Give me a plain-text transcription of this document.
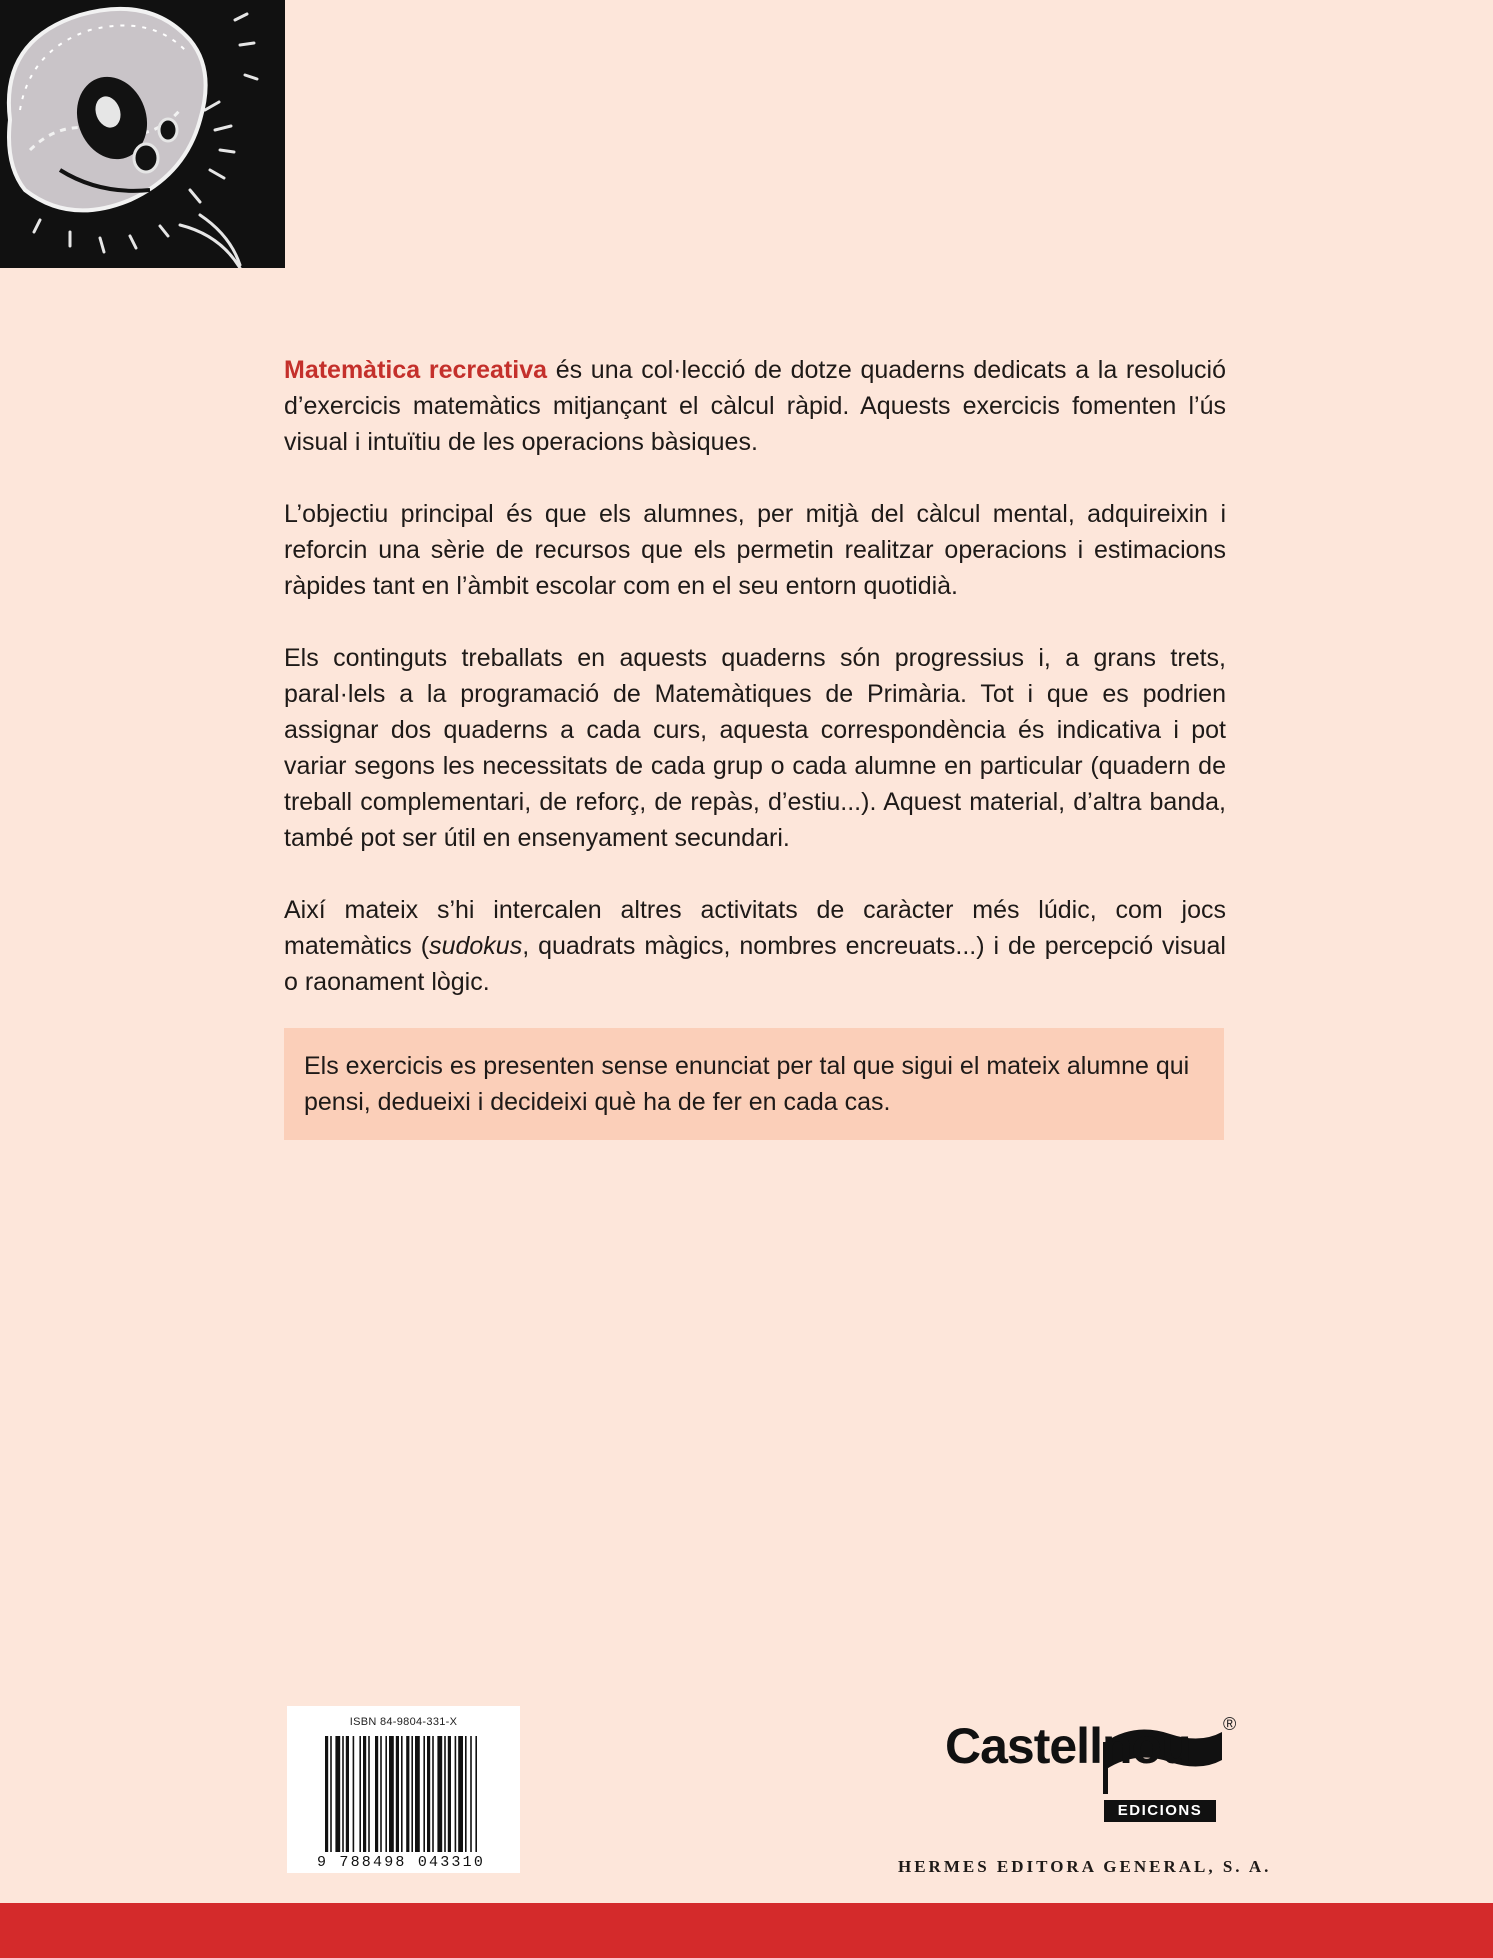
Matemàtica recreativa és una col·lecció de dotze quaderns dedicats a la resolució d’exercicis matemàtics mitjançant el càlcul ràpid. Aquests exercicis fomenten l’ús visual i intuïtiu de les operacions bàsiques.

L’objectiu principal és que els alumnes, per mitjà del càlcul mental, adquireixin i reforcin una sèrie de recursos que els permetin realitzar operacions i estimacions ràpides tant en l’àmbit escolar com en el seu entorn quotidià.

Els continguts treballats en aquests quaderns són progressius i, a grans trets, paral·lels a la programació de Matemàtiques de Primària. Tot i que es podrien assignar dos quaderns a cada curs, aquesta correspondència és indicativa i pot variar segons les necessitats de cada grup o cada alumne en particular (quadern de treball complementari, de reforç, de repàs, d’estiu...). Aquest material, d’altra banda, també pot ser útil en ensenyament secundari.

Així mateix s’hi intercalen altres activitats de caràcter més lúdic, com jocs matemàtics (sudokus, quadrats màgics, nombres encreuats...) i de percepció visual o raonament lògic.

Els exercicis es presenten sense enunciat per tal que sigui el mateix alumne qui pensi, dedueixi i decideixi què ha de fer en cada cas.
ISBN 84-9804-331-X
9 788498 043310
Castellnou
EDICIONS
®
HERMES EDITORA GENERAL, S. A.
